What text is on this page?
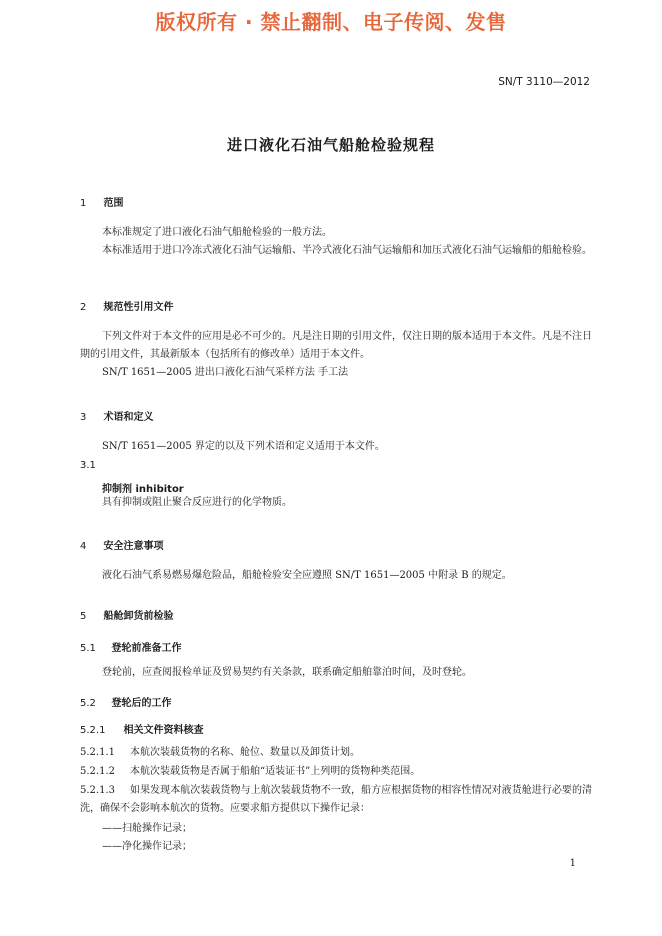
版权所有 · 禁止翻制、电子传阅、发售
SN/T 3110—2012
进口液化石油气船舱检验规程
1 范围
本标准规定了进口液化石油气船舱检验的一般方法。
本标准适用于进口冷冻式液化石油气运输船、半冷式液化石油气运输船和加压式液化石油气运输船的船舱检验。
2 规范性引用文件
下列文件对于本文件的应用是必不可少的。凡是注日期的引用文件，仅注日期的版本适用于本文件。凡是不注日期的引用文件，其最新版本（包括所有的修改单）适用于本文件。
SN/T 1651—2005 进出口液化石油气采样方法 手工法
3 术语和定义
SN/T 1651—2005 界定的以及下列术语和定义适用于本文件。
3.1
抑制剂 inhibitor
具有抑制或阻止聚合反应进行的化学物质。
4 安全注意事项
液化石油气系易燃易爆危险品，船舱检验安全应遵照 SN/T 1651—2005 中附录 B 的规定。
5 船舱卸货前检验
5.1 登轮前准备工作
登轮前，应查阅报检单证及贸易契约有关条款，联系确定船舶靠泊时间，及时登轮。
5.2 登轮后的工作
5.2.1 相关文件资料核查
5.2.1.1 本航次装载货物的名称、舱位、数量以及卸货计划。
5.2.1.2 本航次装载货物是否属于船舶“适装证书”上列明的货物种类范围。
5.2.1.3 如果发现本航次装载货物与上航次装载货物不一致，船方应根据货物的相容性情况对液货舱进行必要的清洗，确保不会影响本航次的货物。应要求船方提供以下操作记录：
——扫舱操作记录；
——净化操作记录；
1
